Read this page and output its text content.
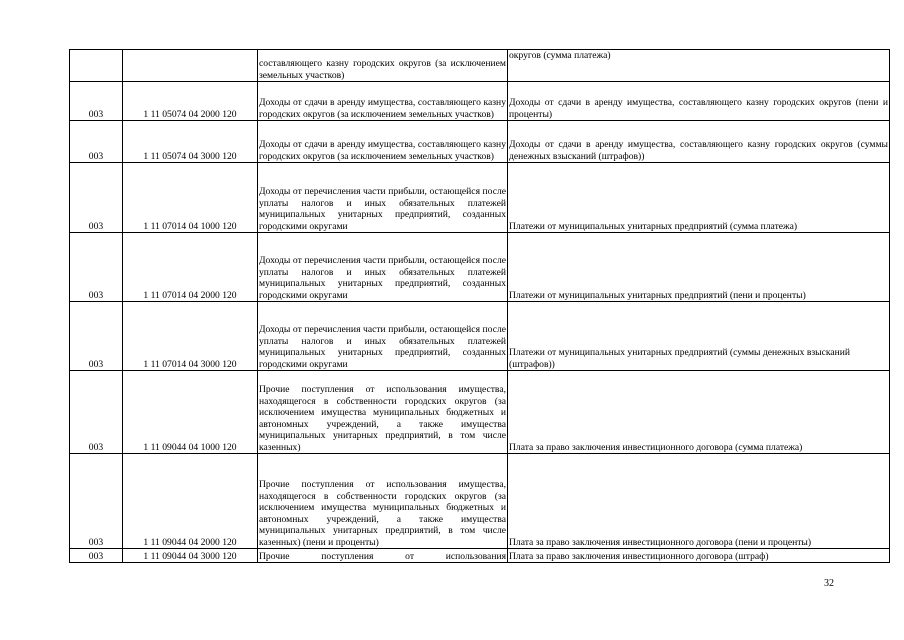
		составляющего казну городских округов (за исключением земельных участков)	округов (сумма платежа)
003	1 11 05074 04 2000 120	Доходы от сдачи в аренду имущества, составляющего казну городских округов (за исключением земельных участков)	Доходы от сдачи в аренду имущества, составляющего казну городских округов (пени и проценты)
003	1 11 05074 04 3000 120	Доходы от сдачи в аренду имущества, составляющего казну городских округов (за исключением земельных участков)	Доходы от сдачи в аренду имущества, составляющего казну городских округов (суммы денежных взысканий (штрафов))
003	1 11 07014 04 1000 120	Доходы от перечисления части прибыли, остающейся после уплаты налогов и иных обязательных платежей муниципальных унитарных предприятий, созданных городскими округами	Платежи от муниципальных унитарных предприятий (сумма платежа)
003	1 11 07014 04 2000 120	Доходы от перечисления части прибыли, остающейся после уплаты налогов и иных обязательных платежей муниципальных унитарных предприятий, созданных городскими округами	Платежи от муниципальных унитарных предприятий (пени и проценты)
003	1 11 07014 04 3000 120	Доходы от перечисления части прибыли, остающейся после уплаты налогов и иных обязательных платежей муниципальных унитарных предприятий, созданных городскими округами	Платежи от муниципальных унитарных предприятий (суммы денежных взысканий (штрафов))
003	1 11 09044 04 1000 120	Прочие поступления от использования имущества, находящегося в собственности городских округов (за исключением имущества муниципальных бюджетных и автономных учреждений, а также имущества муниципальных унитарных предприятий, в том числе казенных)	Плата за право заключения инвестиционного договора (сумма платежа)
003	1 11 09044 04 2000 120	Прочие поступления от использования имущества, находящегося в собственности городских округов (за исключением имущества муниципальных бюджетных и автономных учреждений, а также имущества муниципальных унитарных предприятий, в том числе казенных) (пени и проценты)	Плата за право заключения инвестиционного договора (пени и проценты)
003	1 11 09044 04 3000 120	Прочие поступления от использования	Плата за право заключения инвестиционного договора (штраф)
32
